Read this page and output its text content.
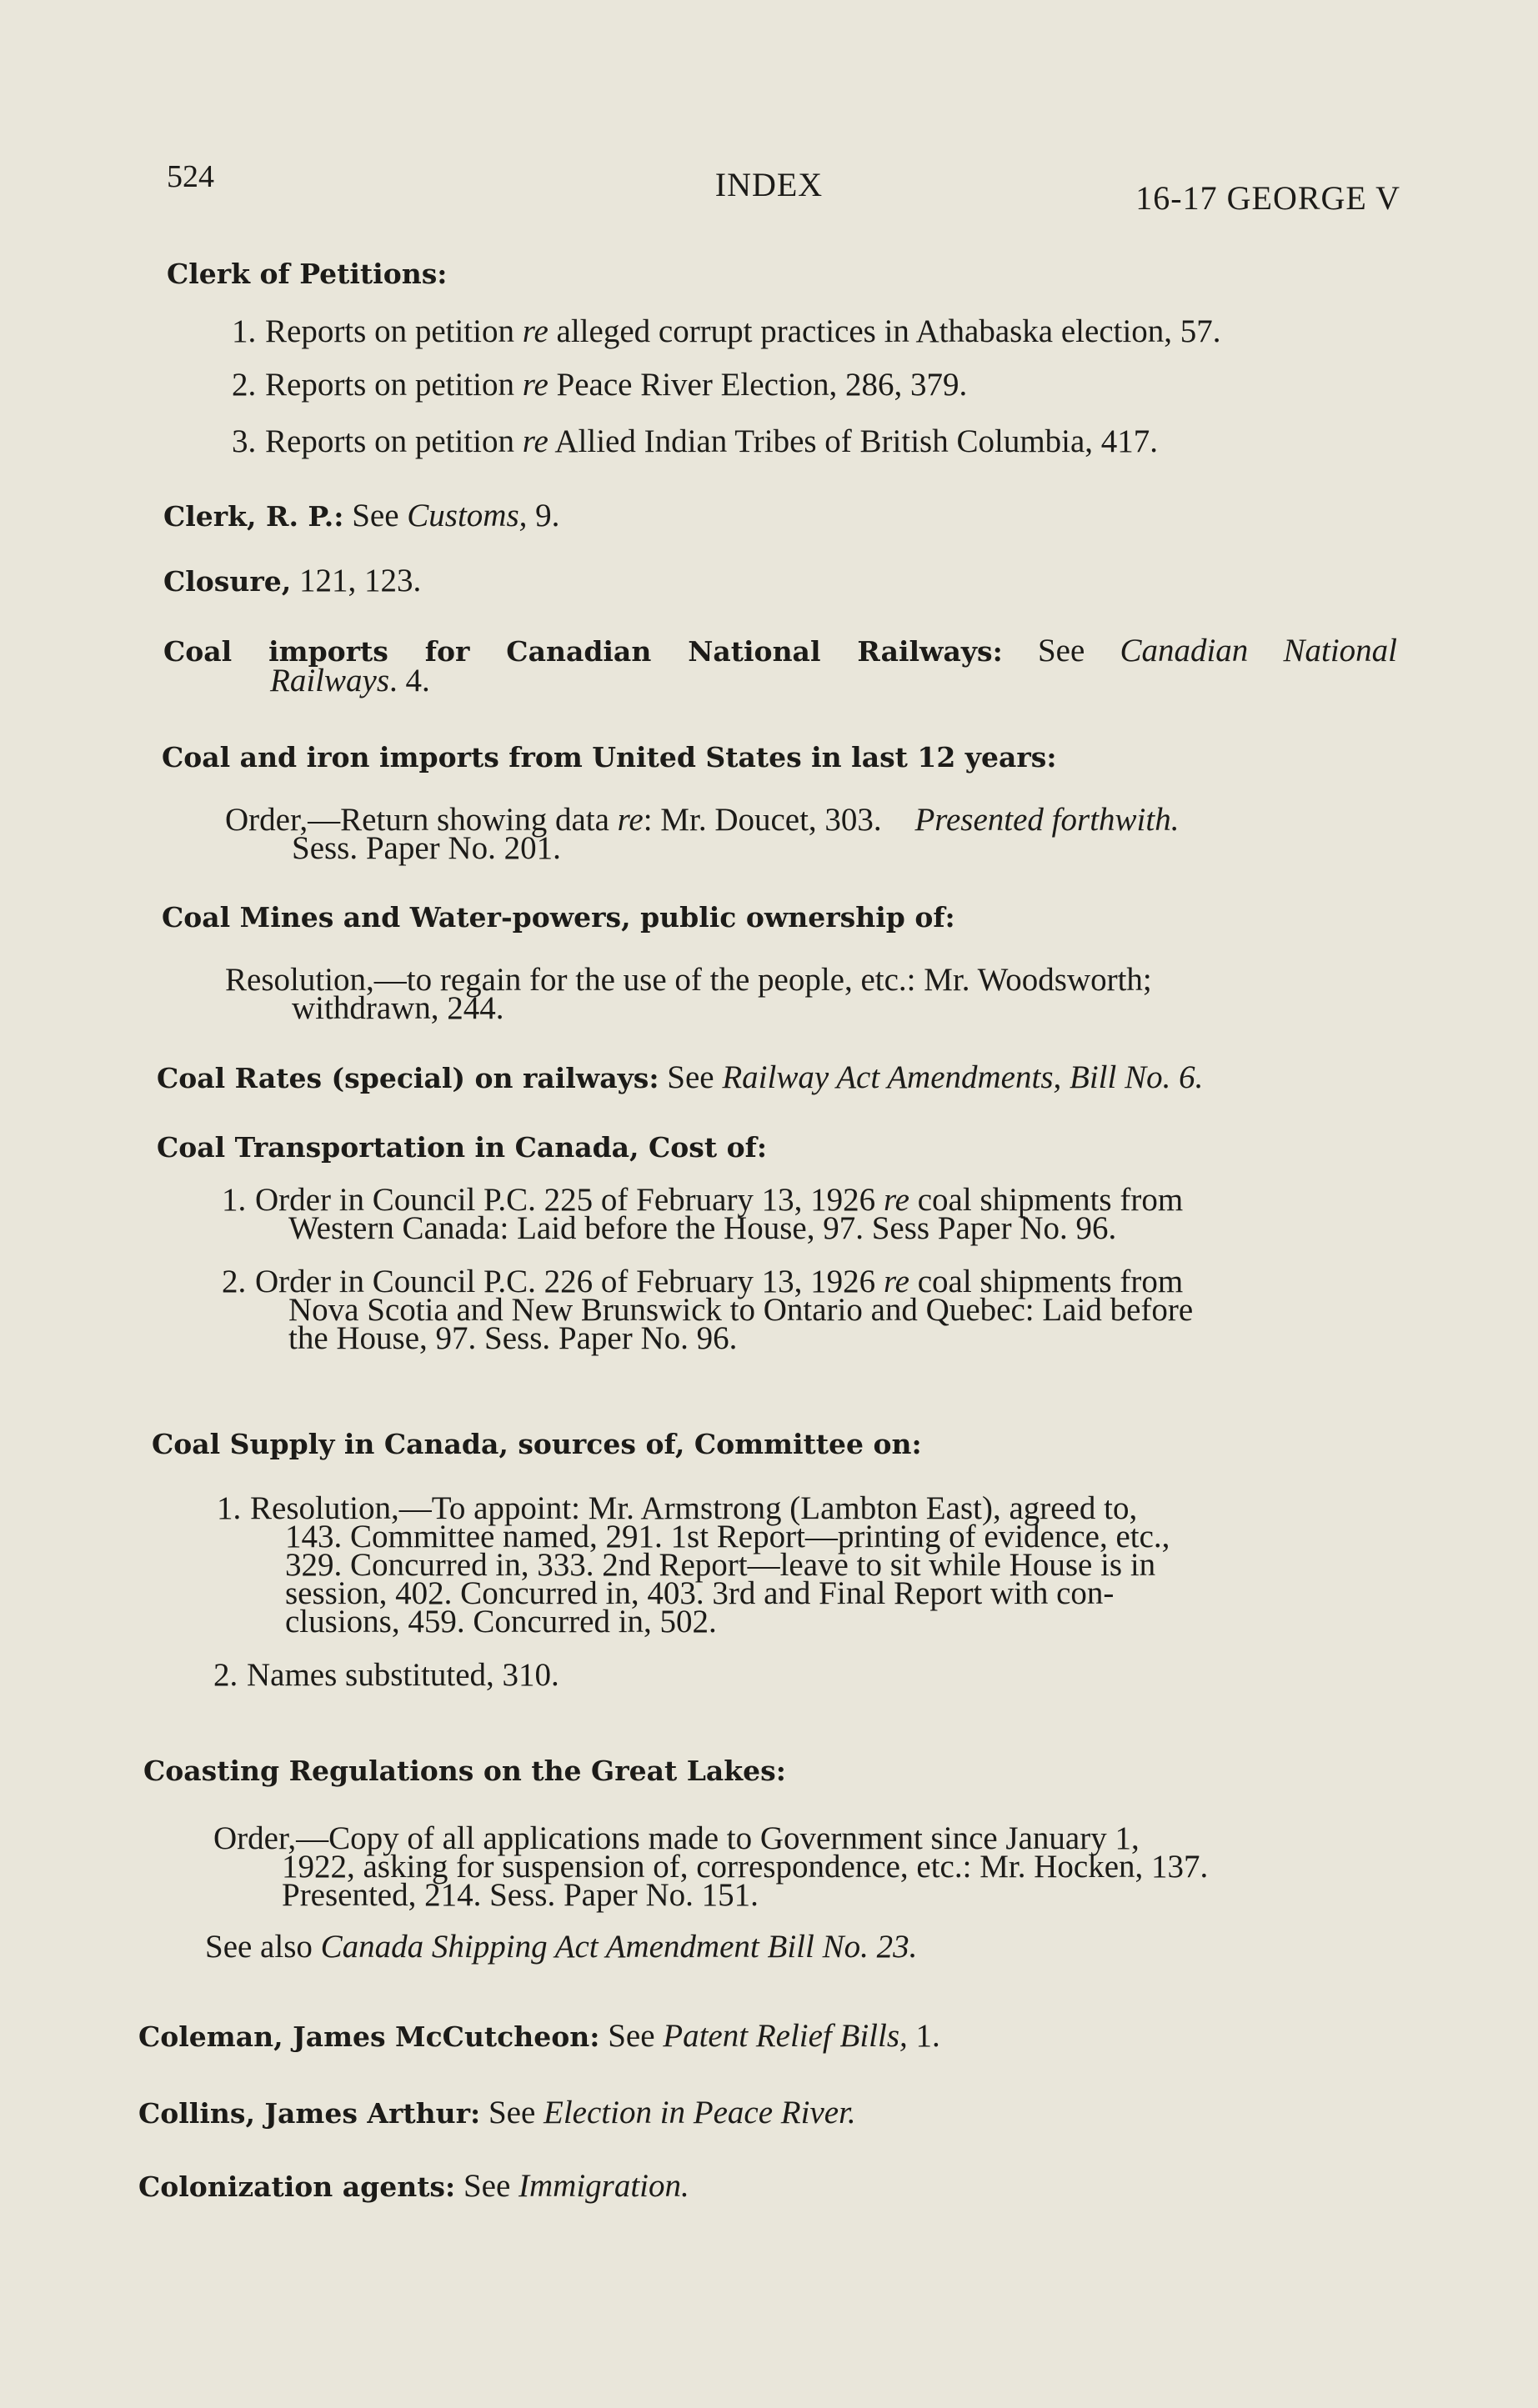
524	INDEX	16-17 GEORGE V
Clerk of Petitions:
1. Reports on petition re alleged corrupt practices in Athabaska election, 57.
2. Reports on petition re Peace River Election, 286, 379.
3. Reports on petition re Allied Indian Tribes of British Columbia, 417.
Clerk, R. P.: See Customs, 9.
Closure, 121, 123.
Coal imports for Canadian National Railways: See Canadian National
Railways. 4.
Coal and iron imports from United States in last 12 years:
Order,—Return showing data re: Mr. Doucet, 303. Presented forthwith.
Sess. Paper No. 201.
Coal Mines and Water-powers, public ownership of:
Resolution,—to regain for the use of the people, etc.: Mr. Woodsworth;
withdrawn, 244.
Coal Rates (special) on railways: See Railway Act Amendments, Bill No. 6.
Coal Transportation in Canada, Cost of:
1. Order in Council P.C. 225 of February 13, 1926 re coal shipments from
Western Canada: Laid before the House, 97. Sess Paper No. 96.
2. Order in Council P.C. 226 of February 13, 1926 re coal shipments from
Nova Scotia and New Brunswick to Ontario and Quebec: Laid before
the House, 97. Sess. Paper No. 96.
Coal Supply in Canada, sources of, Committee on:
1. Resolution,—To appoint: Mr. Armstrong (Lambton East), agreed to,
143. Committee named, 291. 1st Report—printing of evidence, etc.,
329. Concurred in, 333. 2nd Report—leave to sit while House is in
session, 402. Concurred in, 403. 3rd and Final Report with con-
clusions, 459. Concurred in, 502.
2. Names substituted, 310.
Coasting Regulations on the Great Lakes:
Order,—Copy of all applications made to Government since January 1,
1922, asking for suspension of, correspondence, etc.: Mr. Hocken, 137.
Presented, 214. Sess. Paper No. 151.
See also Canada Shipping Act Amendment Bill No. 23.
Coleman, James McCutcheon: See Patent Relief Bills, 1.
Collins, James Arthur: See Election in Peace River.
Colonization agents: See Immigration.
